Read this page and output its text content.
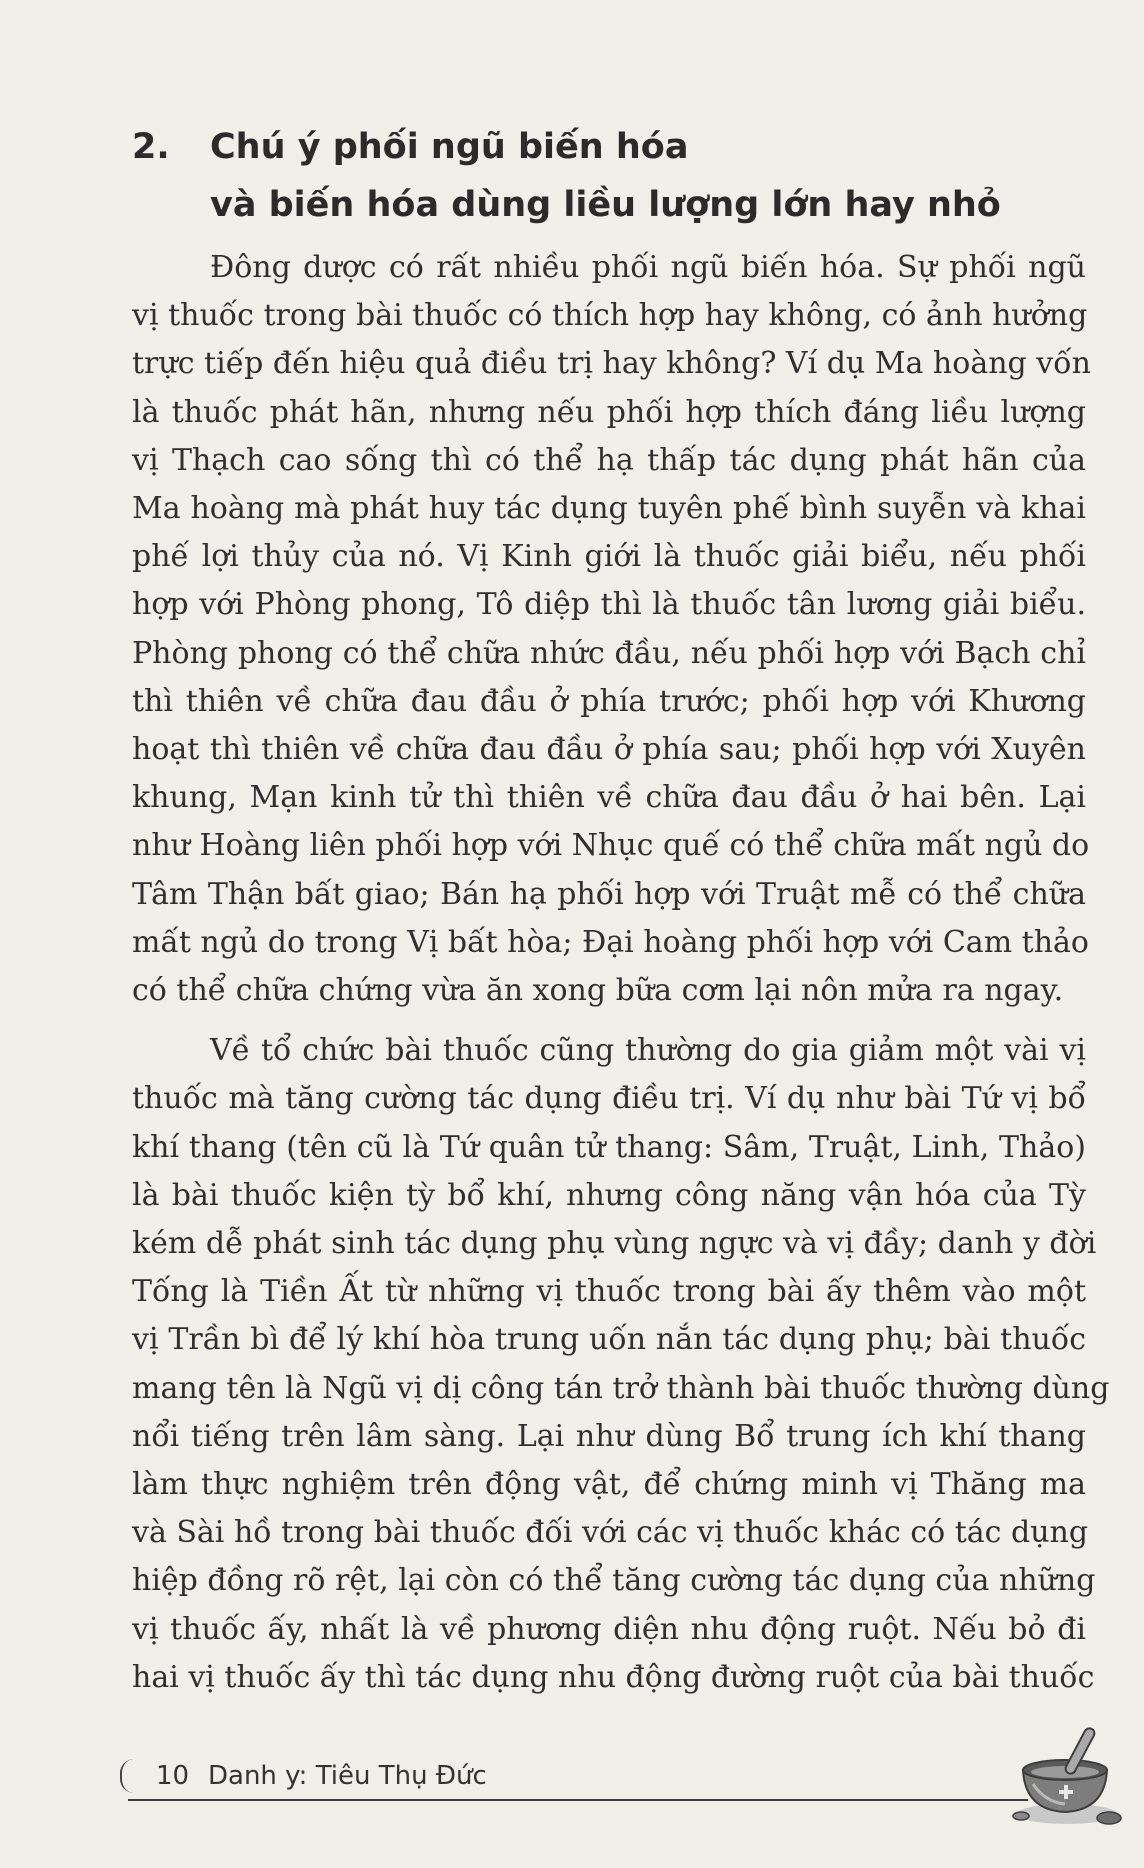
2. Chú ý phối ngũ biến hóa
và biến hóa dùng liều lượng lớn hay nhỏ
Đông dược có rất nhiều phối ngũ biến hóa. Sự phối ngũ
vị thuốc trong bài thuốc có thích hợp hay không, có ảnh hưởng
trực tiếp đến hiệu quả điều trị hay không? Ví dụ Ma hoàng vốn
là thuốc phát hãn, nhưng nếu phối hợp thích đáng liều lượng
vị Thạch cao sống thì có thể hạ thấp tác dụng phát hãn của
Ma hoàng mà phát huy tác dụng tuyên phế bình suyễn và khai
phế lợi thủy của nó. Vị Kinh giới là thuốc giải biểu, nếu phối
hợp với Phòng phong, Tô diệp thì là thuốc tân lương giải biểu.
Phòng phong có thể chữa nhức đầu, nếu phối hợp với Bạch chỉ
thì thiên về chữa đau đầu ở phía trước; phối hợp với Khương
hoạt thì thiên về chữa đau đầu ở phía sau; phối hợp với Xuyên
khung, Mạn kinh tử thì thiên về chữa đau đầu ở hai bên. Lại
như Hoàng liên phối hợp với Nhục quế có thể chữa mất ngủ do
Tâm Thận bất giao; Bán hạ phối hợp với Truật mễ có thể chữa
mất ngủ do trong Vị bất hòa; Đại hoàng phối hợp với Cam thảo
có thể chữa chứng vừa ăn xong bữa cơm lại nôn mửa ra ngay.
Về tổ chức bài thuốc cũng thường do gia giảm một vài vị
thuốc mà tăng cường tác dụng điều trị. Ví dụ như bài Tứ vị bổ
khí thang (tên cũ là Tứ quân tử thang: Sâm, Truật, Linh, Thảo)
là bài thuốc kiện tỳ bổ khí, nhưng công năng vận hóa của Tỳ
kém dễ phát sinh tác dụng phụ vùng ngực và vị đầy; danh y đời
Tống là Tiền Ất từ những vị thuốc trong bài ấy thêm vào một
vị Trần bì để lý khí hòa trung uốn nắn tác dụng phụ; bài thuốc
mang tên là Ngũ vị dị công tán trở thành bài thuốc thường dùng
nổi tiếng trên lâm sàng. Lại như dùng Bổ trung ích khí thang
làm thực nghiệm trên động vật, để chứng minh vị Thăng ma
và Sài hồ trong bài thuốc đối với các vị thuốc khác có tác dụng
hiệp đồng rõ rệt, lại còn có thể tăng cường tác dụng của những
vị thuốc ấy, nhất là về phương diện nhu động ruột. Nếu bỏ đi
hai vị thuốc ấy thì tác dụng nhu động đường ruột của bài thuốc
10 Danh y: Tiêu Thụ Đức
